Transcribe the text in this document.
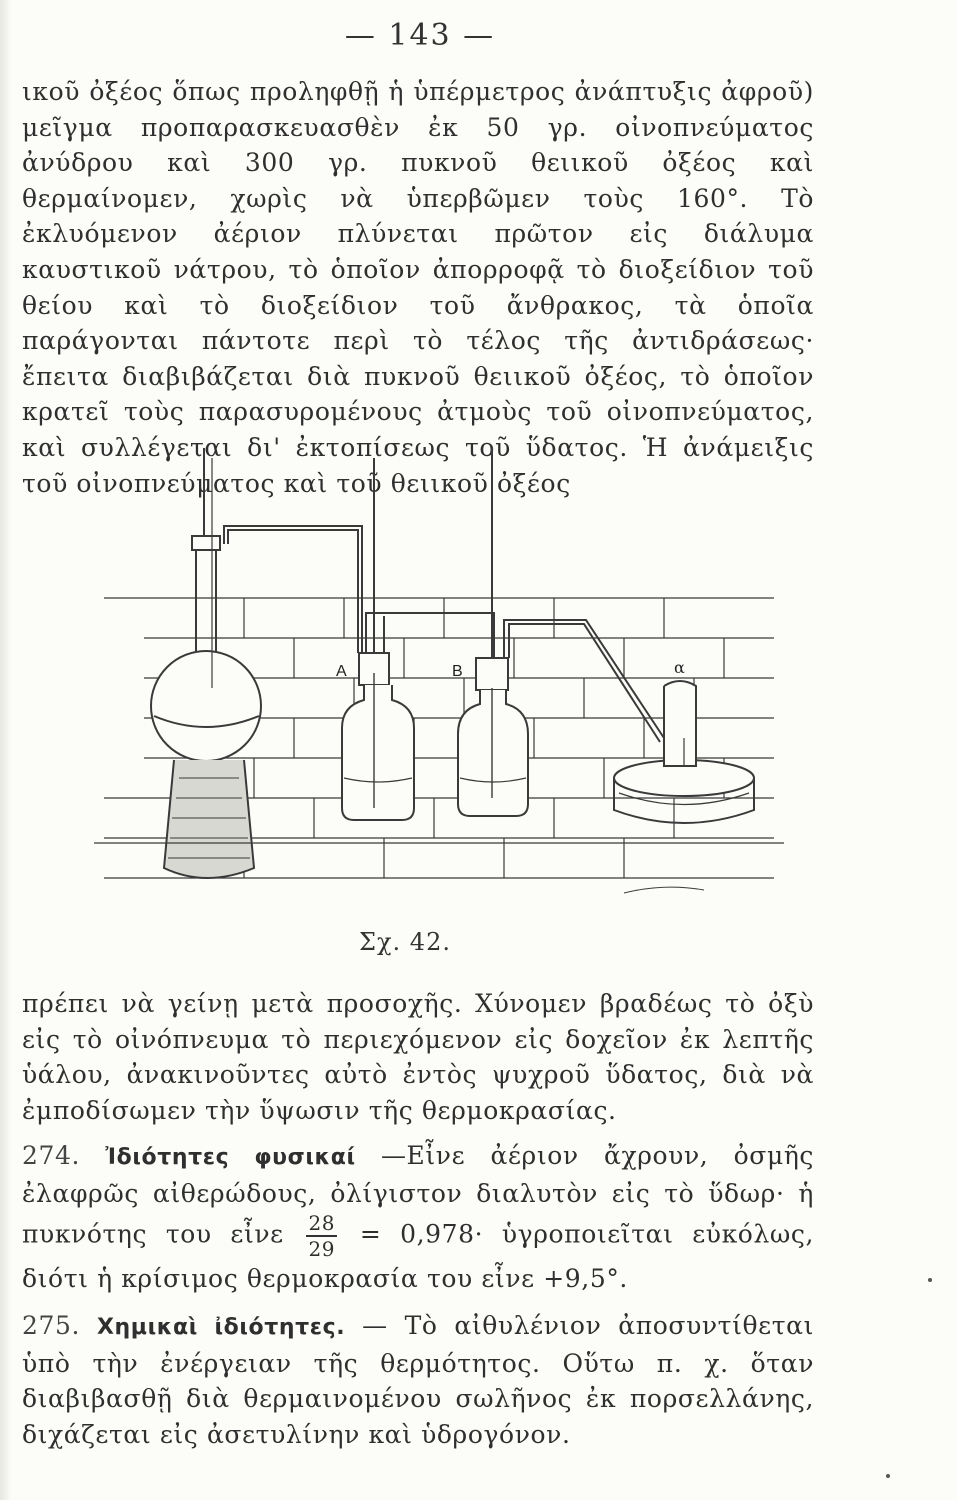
— 143 —

ικοῦ ὀξέος ὅπως προληφθῇ ἡ ὑπέρμετρος ἀνάπτυξις ἀφροῦ) μεῖγμα προπαρασκευασθὲν ἐκ 50 γρ. οἰνοπνεύματος ἀνύδρου καὶ 300 γρ. πυκνοῦ θειικοῦ ὀξέος καὶ θερμαίνομεν, χωρὶς νὰ ὑπερβῶμεν τοὺς 160°. Τὸ ἐκλυόμενον ἀέριον πλύνεται πρῶτον εἰς διάλυμα καυστικοῦ νάτρου, τὸ ὁποῖον ἀπορροφᾷ τὸ διοξείδιον τοῦ θείου καὶ τὸ διοξείδιον τοῦ ἄνθρακος, τὰ ὁποῖα παράγονται πάντοτε περὶ τὸ τέλος τῆς ἀντιδράσεως· ἔπειτα διαβιβάζεται διὰ πυκνοῦ θειικοῦ ὀξέος, τὸ ὁποῖον κρατεῖ τοὺς παρασυρομένους ἀτμοὺς τοῦ οἰνοπνεύματος, καὶ συλλέγεται δι' ἐκτοπίσεως τοῦ ὕδατος. Ἡ ἀνάμειξις τοῦ οἰνοπνεύματος καὶ τοῦ θειικοῦ ὀξέος

A	B	α
Σχ. 42.

πρέπει νὰ γείνῃ μετὰ προσοχῆς. Χύνομεν βραδέως τὸ ὀξὺ εἰς τὸ οἰνόπνευμα τὸ περιεχόμενον εἰς δοχεῖον ἐκ λεπτῆς ὑάλου, ἀνακινοῦντες αὐτὸ ἐντὸς ψυχροῦ ὕδατος, διὰ νὰ ἐμποδίσωμεν τὴν ὕψωσιν τῆς θερμοκρασίας.

274. Ἰδιότητες φυσικαί —Εἶνε ἀέριον ἄχρουν, ὀσμῆς ἐλαφρῶς αἰθερώδους, ὀλίγιστον διαλυτὸν εἰς τὸ ὕδωρ· ἡ πυκνότης του εἶνε $\frac{28}{29} = 0,978\cdot$ ὑγροποιεῖται εὐκόλως, διότι ἡ κρίσιμος θερμοκρασία του εἶνε +9,5°.

275. Χημικαὶ ἰδιότητες. — Τὸ αἰθυλένιον ἀποσυντίθεται ὑπὸ τὴν ἐνέργειαν τῆς θερμότητος. Οὕτω π. χ. ὅταν διαβιβασθῇ διὰ θερμαινομένου σωλῆνος ἐκ πορσελλάνης, διχάζεται εἰς ἀσετυλίνην καὶ ὑδρογόνον.
